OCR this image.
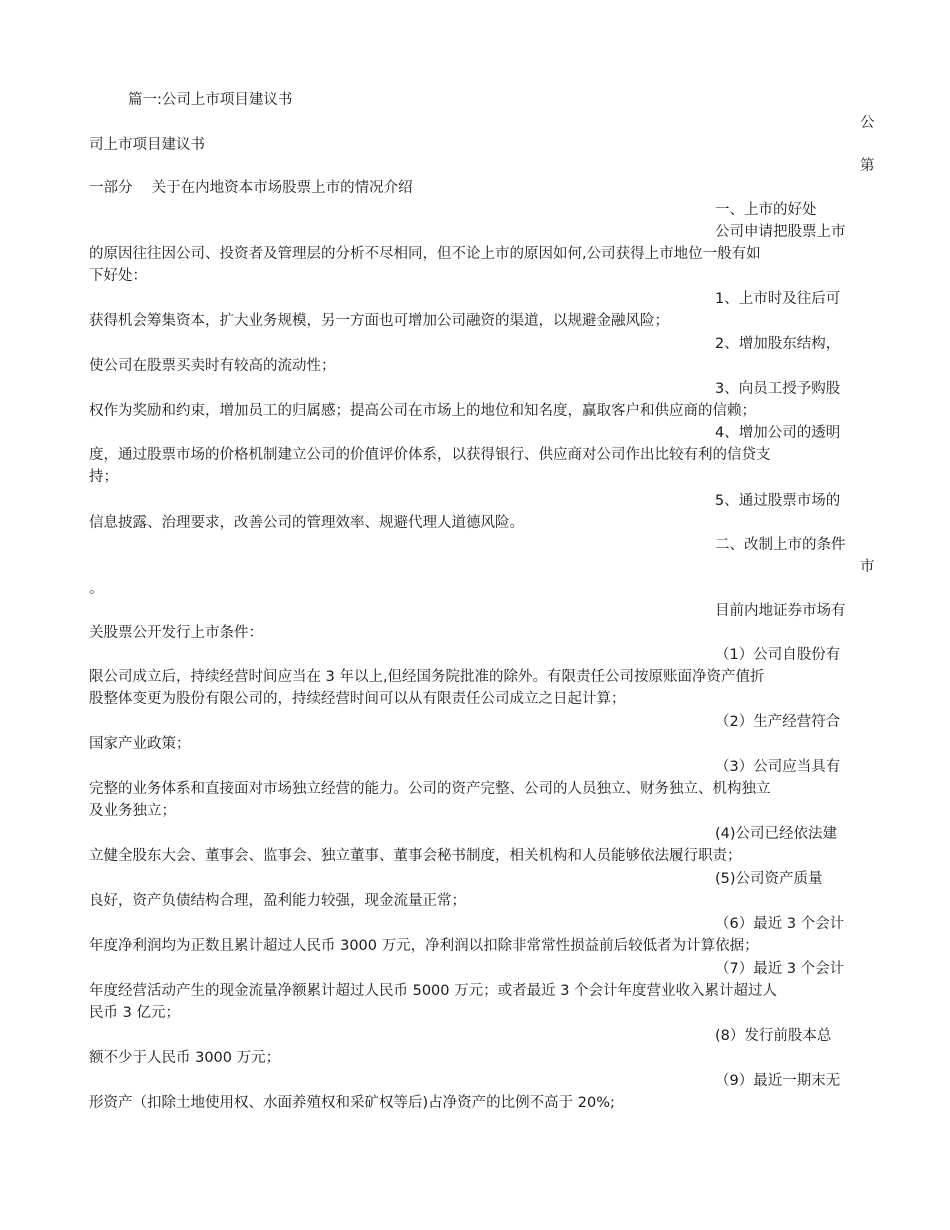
篇一:公司上市项目建议书
公
司上市项目建议书
第
一部分　 关于在内地资本市场股票上市的情况介绍
一、上市的好处
公司申请把股票上市
的原因往往因公司、投资者及管理层的分析不尽相同，但不论上市的原因如何,公司获得上市地位一般有如
下好处：
1、上市时及往后可
获得机会筹集资本，扩大业务规模，另一方面也可增加公司融资的渠道，以规避金融风险；
2、增加股东结构，
使公司在股票买卖时有较高的流动性；
3、向员工授予购股
权作为奖励和约束，增加员工的归属感；提高公司在市场上的地位和知名度，赢取客户和供应商的信赖；
4、增加公司的透明
度，通过股票市场的价格机制建立公司的价值评价体系，以获得银行、供应商对公司作出比较有利的信贷支
持；
5、通过股票市场的
信息披露、治理要求，改善公司的管理效率、规避代理人道德风险。
二、改制上市的条件
市
。
目前内地证券市场有
关股票公开发行上市条件：
（1）公司自股份有
限公司成立后，持续经营时间应当在 3 年以上,但经国务院批准的除外。有限责任公司按原账面净资产值折
股整体变更为股份有限公司的，持续经营时间可以从有限责任公司成立之日起计算；
（2）生产经营符合
国家产业政策；
（3）公司应当具有
完整的业务体系和直接面对市场独立经营的能力。公司的资产完整、公司的人员独立、财务独立、机构独立
及业务独立；
(4)公司已经依法建
立健全股东大会、董事会、监事会、独立董事、董事会秘书制度，相关机构和人员能够依法履行职责；
(5)公司资产质量
良好，资产负债结构合理，盈利能力较强，现金流量正常；
（6）最近 3 个会计
年度净利润均为正数且累计超过人民币 3000 万元，净利润以扣除非常常性损益前后较低者为计算依据；
（7）最近 3 个会计
年度经营活动产生的现金流量净额累计超过人民币 5000 万元；或者最近 3 个会计年度营业收入累计超过人
民币 3 亿元；
(8）发行前股本总
额不少于人民币 3000 万元；
（9）最近一期末无
形资产（扣除土地使用权、水面养殖权和采矿权等后)占净资产的比例不高于 20%;
